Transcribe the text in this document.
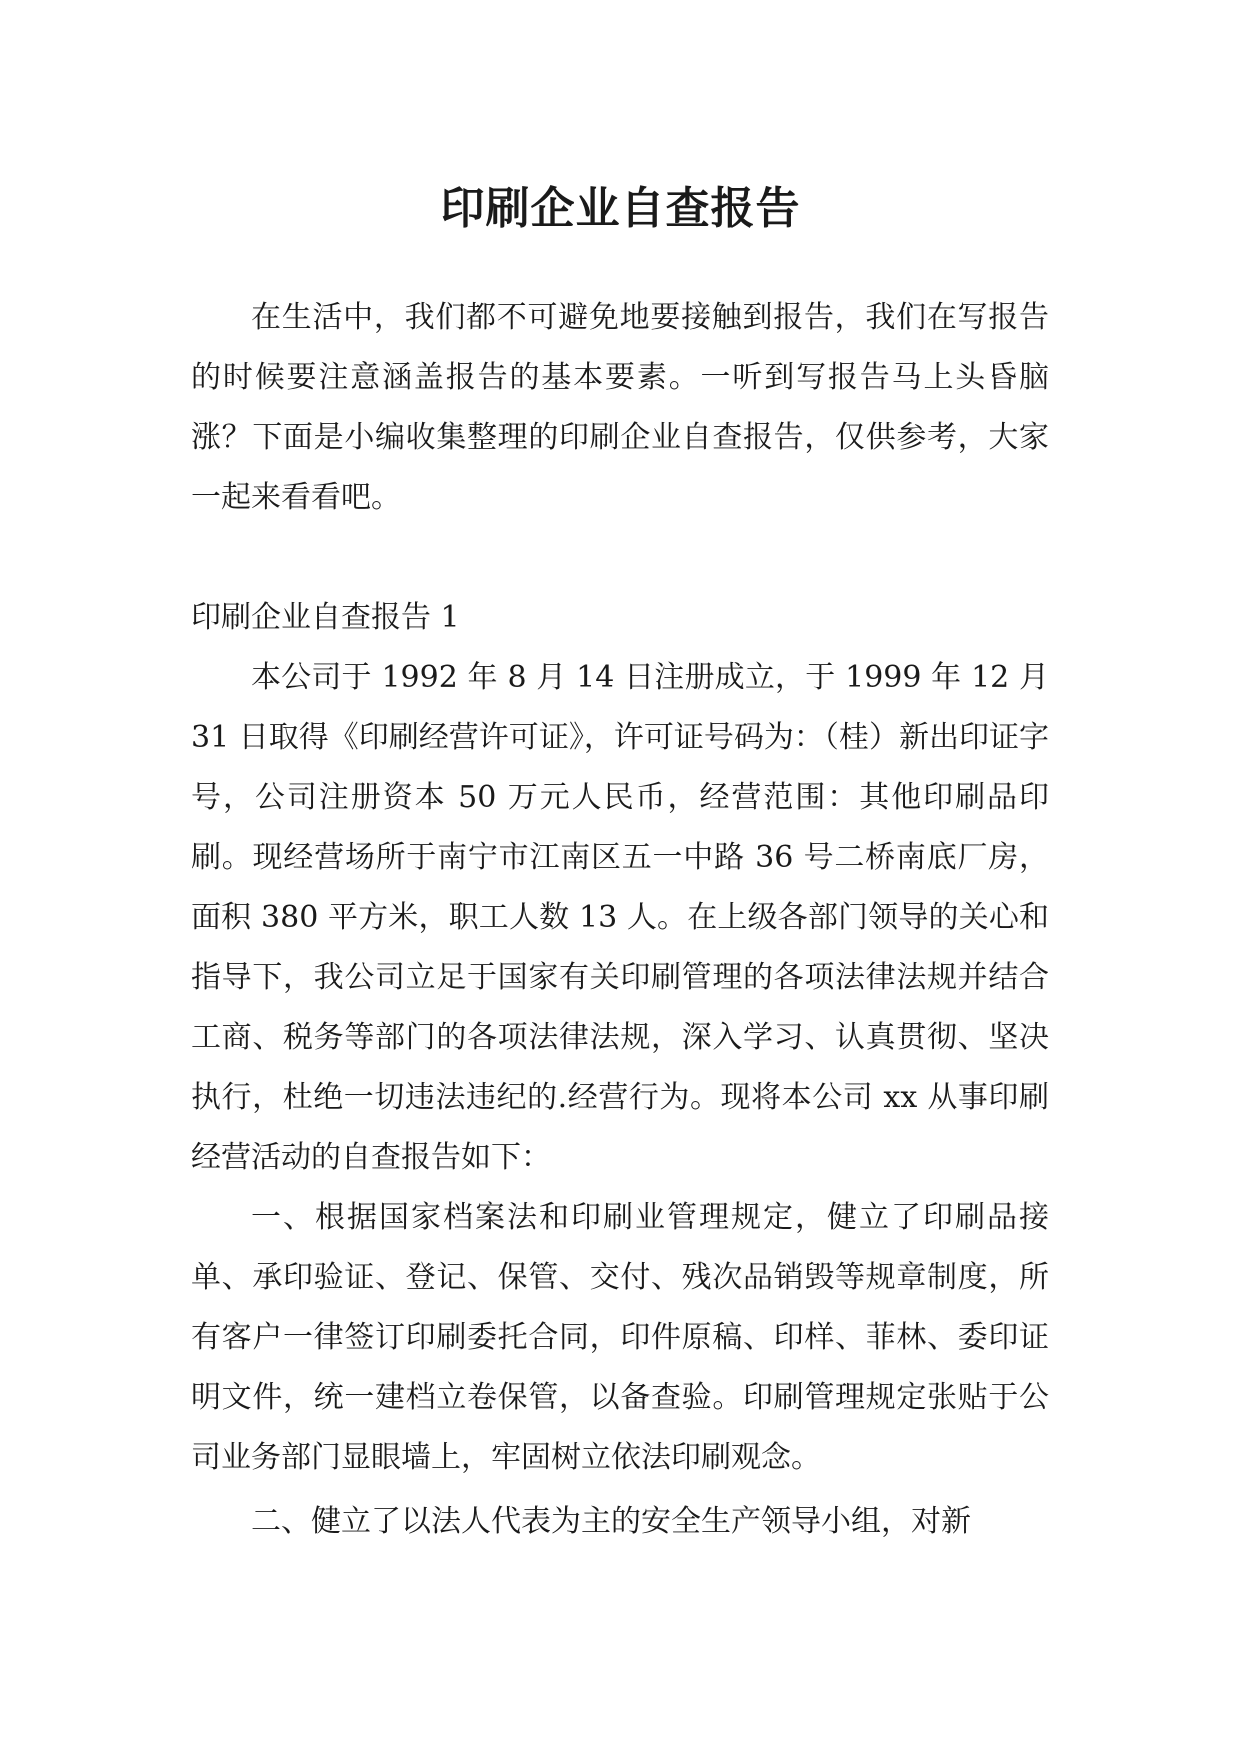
印刷企业自查报告

在生活中，我们都不可避免地要接触到报告，我们在写报告的时候要注意涵盖报告的基本要素。一听到写报告马上头昏脑涨？下面是小编收集整理的印刷企业自查报告，仅供参考，大家一起来看看吧。

印刷企业自查报告 1

本公司于 1992 年 8 月 14 日注册成立，于 1999 年 12 月 31 日取得《印刷经营许可证》，许可证号码为：（桂）新出印证字号，公司注册资本 50 万元人民币，经营范围：其他印刷品印刷。现经营场所于南宁市江南区五一中路 36 号二桥南底厂房，面积 380 平方米，职工人数 13 人。在上级各部门领导的关心和指导下，我公司立足于国家有关印刷管理的各项法律法规并结合工商、税务等部门的各项法律法规，深入学习、认真贯彻、坚决执行，杜绝一切违法违纪的.经营行为。现将本公司 xx 从事印刷经营活动的自查报告如下：

一、根据国家档案法和印刷业管理规定，健立了印刷品接单、承印验证、登记、保管、交付、残次品销毁等规章制度，所有客户一律签订印刷委托合同，印件原稿、印样、菲林、委印证明文件，统一建档立卷保管，以备查验。印刷管理规定张贴于公司业务部门显眼墙上，牢固树立依法印刷观念。

二、健立了以法人代表为主的安全生产领导小组，对新
